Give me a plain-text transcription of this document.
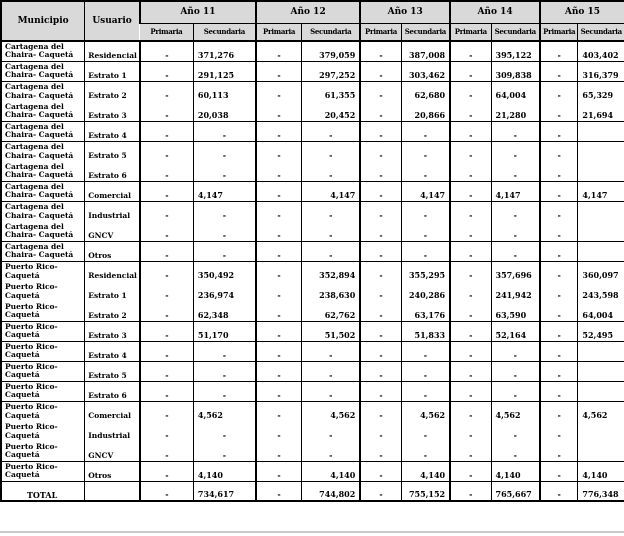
Municipio	Usuario	Año 11		Año 12		Año 13		Año 14		Año 15	
		Primaria	Secundaria	Primaria	Secundaria	Primaria	Secundaria	Primaria	Secundaria	Primaria	Secundaria
Cartagena del
Chaira- Caquetá	Residencial	-	371,276	-	379,059	-	387,008	-	395,122	-	403,402
Cartagena del
Chaira- Caquetá	Estrato 1	-	291,125	-	297,252	-	303,462	-	309,838	-	316,379
Cartagena del
Chaira- Caquetá	Estrato 2	-	60,113	-	61,355	-	62,680	-	64,004	-	65,329
Cartagena del
Chaira- Caquetá	Estrato 3	-	20,038	-	20,452	-	20,866	-	21,280	-	21,694
Cartagena del
Chaira- Caquetá	Estrato 4	-	-	-	-	-	-	-	-	-	
Cartagena del
Chaira- Caquetá	Estrato 5	-	-	-	-	-	-	-	-	-	
Cartagena del
Chaira- Caquetá	Estrato 6	-	-	-	-	-	-	-	-	-	
Cartagena del
Chaira- Caquetá	Comercial	-	4,147	-	4,147	-	4,147	-	4,147	-	4,147
Cartagena del
Chaira- Caquetá	Industrial	-	-	-	-	-	-	-	-	-	
Cartagena del
Chaira- Caquetá	GNCV	-	-	-	-	-	-	-	-	-	
Cartagena del
Chaira- Caquetá	Otros	-	-	-	-	-	-	-	-	-	
Puerto Rico-
Caquetá	Residencial	-	350,492	-	352,894	-	355,295	-	357,696	-	360,097
Puerto Rico-
Caquetá	Estrato 1	-	236,974	-	238,630	-	240,286	-	241,942	-	243,598
Puerto Rico-
Caquetá	Estrato 2	-	62,348	-	62,762	-	63,176	-	63,590	-	64,004
Puerto Rico-
Caquetá	Estrato 3	-	51,170	-	51,502	-	51,833	-	52,164	-	52,495
Puerto Rico-
Caquetá	Estrato 4	-	-	-	-	-	-	-	-	-	
Puerto Rico-
Caquetá	Estrato 5	-	-	-	-	-	-	-	-	-	
Puerto Rico-
Caquetá	Estrato 6	-	-	-	-	-	-	-	-	-	
Puerto Rico-
Caquetá	Comercial	-	4,562	-	4,562	-	4,562	-	4,562	-	4,562
Puerto Rico-
Caquetá	Industrial	-	-	-	-	-	-	-	-	-	
Puerto Rico-
Caquetá	GNCV	-	-	-	-	-	-	-	-	-	
Puerto Rico-
Caquetá	Otros	-	4,140	-	4,140	-	4,140	-	4,140	-	4,140
TOTAL		-	734,617	-	744,802	-	755,152	-	765,667	-	776,348
